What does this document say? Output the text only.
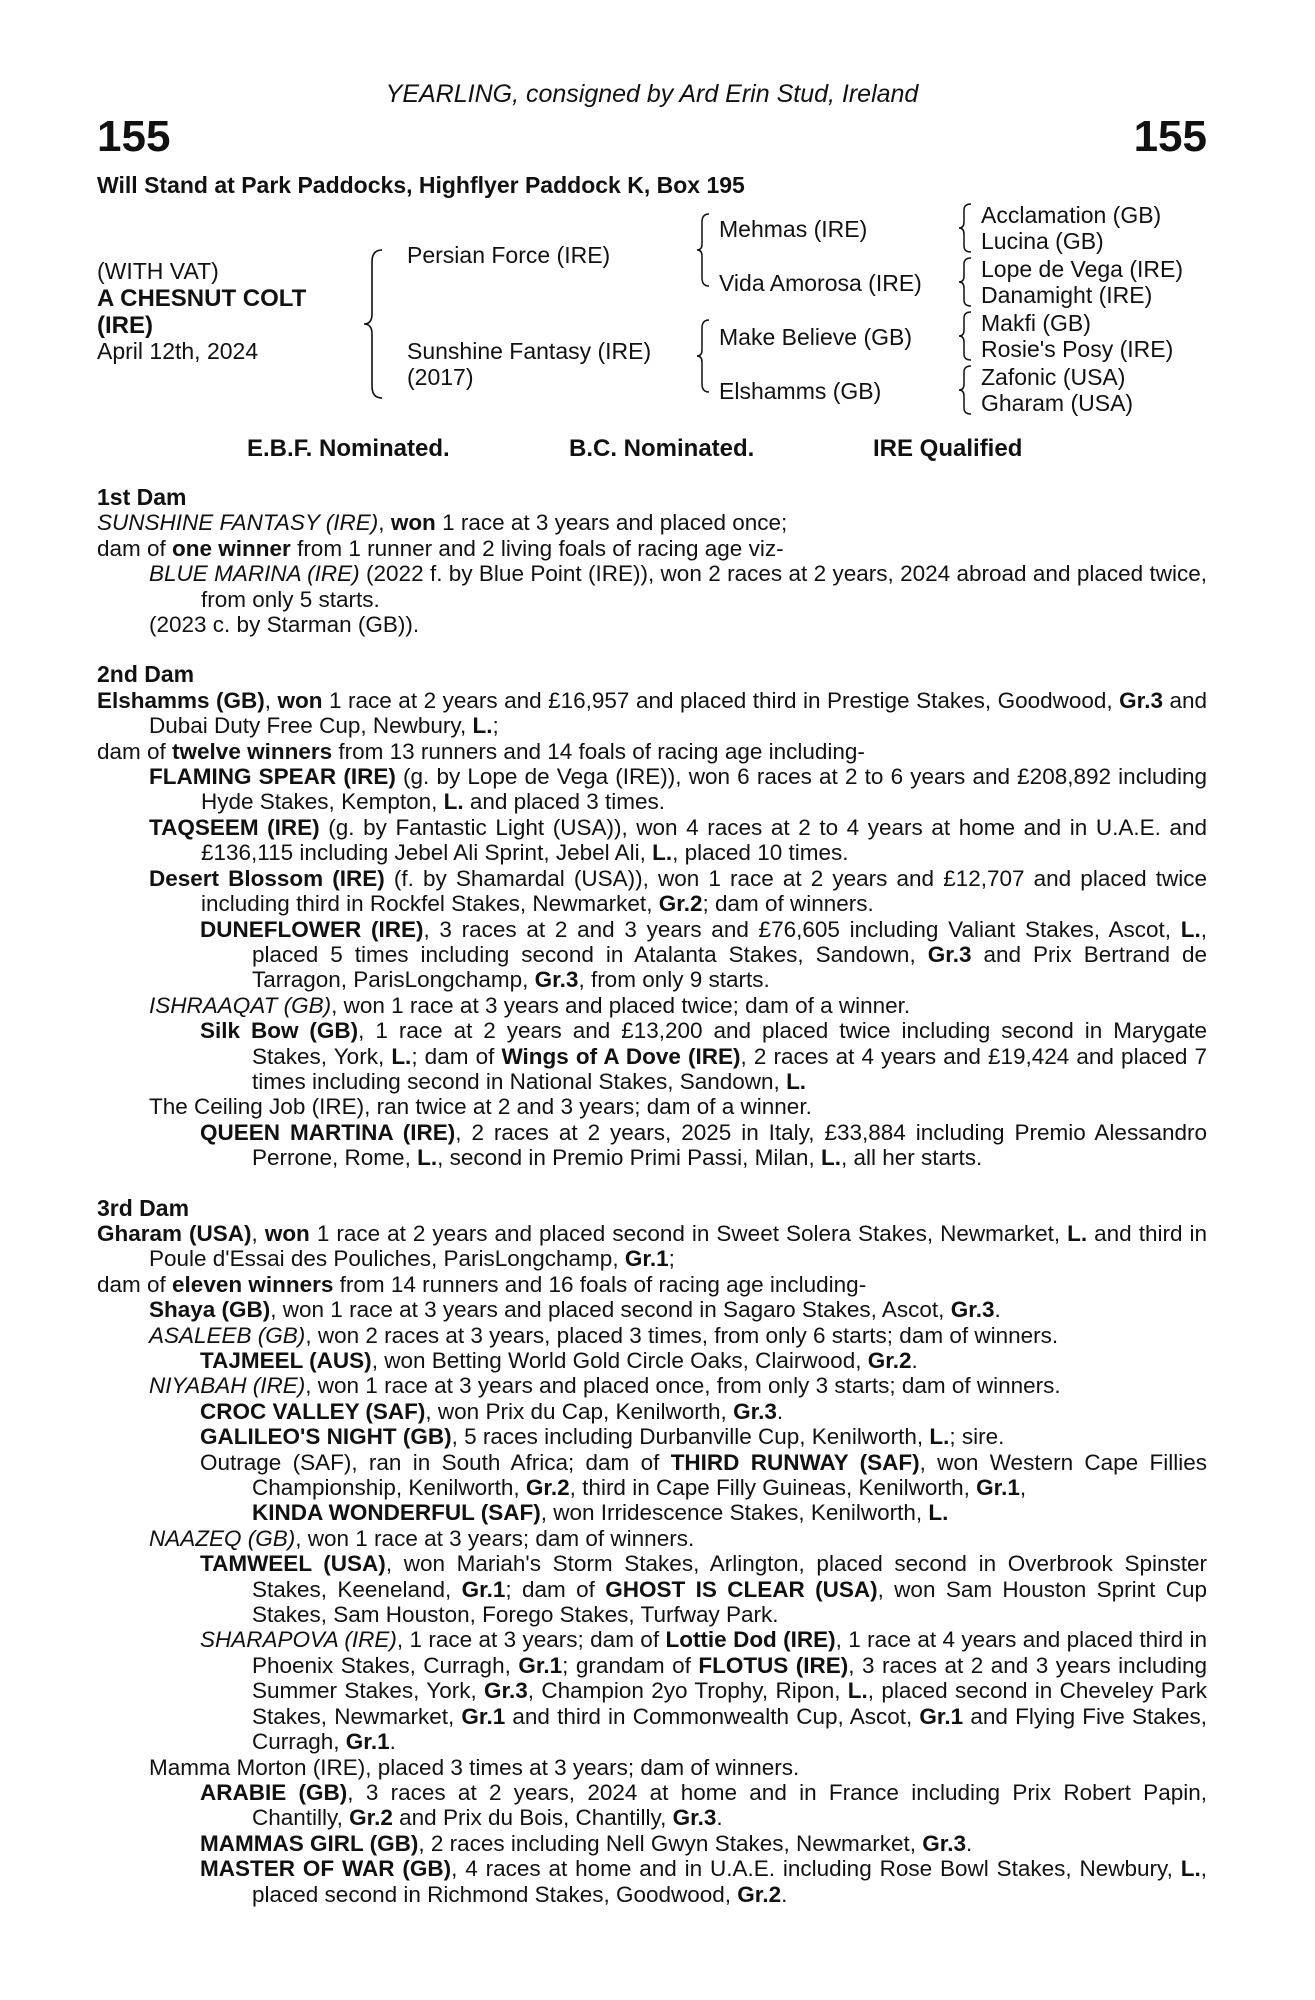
YEARLING, consigned by Ard Erin Stud, Ireland
155	155
Will Stand at Park Paddocks, Highflyer Paddock K, Box 195
(WITH VAT)
A CHESNUT COLT
(IRE)
April 12th, 2024
Persian Force (IRE)
Sunshine Fantasy (IRE)
(2017)
Mehmas (IRE)
Vida Amorosa (IRE)
Make Believe (GB)
Elshamms (GB)
Acclamation (GB)
Lucina (GB)
Lope de Vega (IRE)
Danamight (IRE)
Makfi (GB)
Rosie's Posy (IRE)
Zafonic (USA)
Gharam (USA)
E.B.F. Nominated.	B.C. Nominated.	IRE Qualified

1st Dam

SUNSHINE FANTASY (IRE), won 1 race at 3 years and placed once;

dam of one winner from 1 runner and 2 living foals of racing age viz-

BLUE MARINA (IRE) (2022 f. by Blue Point (IRE)), won 2 races at 2 years, 2024 abroad and placed twice, from only 5 starts.

(2023 c. by Starman (GB)).

2nd Dam

Elshamms (GB), won 1 race at 2 years and £16,957 and placed third in Prestige Stakes, Goodwood, Gr.3 and Dubai Duty Free Cup, Newbury, L.;

dam of twelve winners from 13 runners and 14 foals of racing age including-

FLAMING SPEAR (IRE) (g. by Lope de Vega (IRE)), won 6 races at 2 to 6 years and £208,892 including Hyde Stakes, Kempton, L. and placed 3 times.

TAQSEEM (IRE) (g. by Fantastic Light (USA)), won 4 races at 2 to 4 years at home and in U.A.E. and £136,115 including Jebel Ali Sprint, Jebel Ali, L., placed 10 times.

Desert Blossom (IRE) (f. by Shamardal (USA)), won 1 race at 2 years and £12,707 and placed twice including third in Rockfel Stakes, Newmarket, Gr.2; dam of winners.

DUNEFLOWER (IRE), 3 races at 2 and 3 years and £76,605 including Valiant Stakes, Ascot, L., placed 5 times including second in Atalanta Stakes, Sandown, Gr.3 and Prix Bertrand de Tarragon, ParisLongchamp, Gr.3, from only 9 starts.

ISHRAAQAT (GB), won 1 race at 3 years and placed twice; dam of a winner.

Silk Bow (GB), 1 race at 2 years and £13,200 and placed twice including second in Marygate Stakes, York, L.; dam of Wings of A Dove (IRE), 2 races at 4 years and £19,424 and placed 7 times including second in National Stakes, Sandown, L.

The Ceiling Job (IRE), ran twice at 2 and 3 years; dam of a winner.

QUEEN MARTINA (IRE), 2 races at 2 years, 2025 in Italy, £33,884 including Premio Alessandro Perrone, Rome, L., second in Premio Primi Passi, Milan, L., all her starts.

3rd Dam

Gharam (USA), won 1 race at 2 years and placed second in Sweet Solera Stakes, Newmarket, L. and third in Poule d'Essai des Pouliches, ParisLongchamp, Gr.1;

dam of eleven winners from 14 runners and 16 foals of racing age including-

Shaya (GB), won 1 race at 3 years and placed second in Sagaro Stakes, Ascot, Gr.3.

ASALEEB (GB), won 2 races at 3 years, placed 3 times, from only 6 starts; dam of winners.

TAJMEEL (AUS), won Betting World Gold Circle Oaks, Clairwood, Gr.2.

NIYABAH (IRE), won 1 race at 3 years and placed once, from only 3 starts; dam of winners.

CROC VALLEY (SAF), won Prix du Cap, Kenilworth, Gr.3.

GALILEO'S NIGHT (GB), 5 races including Durbanville Cup, Kenilworth, L.; sire.

Outrage (SAF), ran in South Africa; dam of THIRD RUNWAY (SAF), won Western Cape Fillies Championship, Kenilworth, Gr.2, third in Cape Filly Guineas, Kenilworth, Gr.1,
KINDA WONDERFUL (SAF), won Irridescence Stakes, Kenilworth, L.

NAAZEQ (GB), won 1 race at 3 years; dam of winners.

TAMWEEL (USA), won Mariah's Storm Stakes, Arlington, placed second in Overbrook Spinster Stakes, Keeneland, Gr.1; dam of GHOST IS CLEAR (USA), won Sam Houston Sprint Cup Stakes, Sam Houston, Forego Stakes, Turfway Park.

SHARAPOVA (IRE), 1 race at 3 years; dam of Lottie Dod (IRE), 1 race at 4 years and placed third in Phoenix Stakes, Curragh, Gr.1; grandam of FLOTUS (IRE), 3 races at 2 and 3 years including Summer Stakes, York, Gr.3, Champion 2yo Trophy, Ripon, L., placed second in Cheveley Park Stakes, Newmarket, Gr.1 and third in Commonwealth Cup, Ascot, Gr.1 and Flying Five Stakes, Curragh, Gr.1.

Mamma Morton (IRE), placed 3 times at 3 years; dam of winners.

ARABIE (GB), 3 races at 2 years, 2024 at home and in France including Prix Robert Papin, Chantilly, Gr.2 and Prix du Bois, Chantilly, Gr.3.

MAMMAS GIRL (GB), 2 races including Nell Gwyn Stakes, Newmarket, Gr.3.

MASTER OF WAR (GB), 4 races at home and in U.A.E. including Rose Bowl Stakes, Newbury, L., placed second in Richmond Stakes, Goodwood, Gr.2.
